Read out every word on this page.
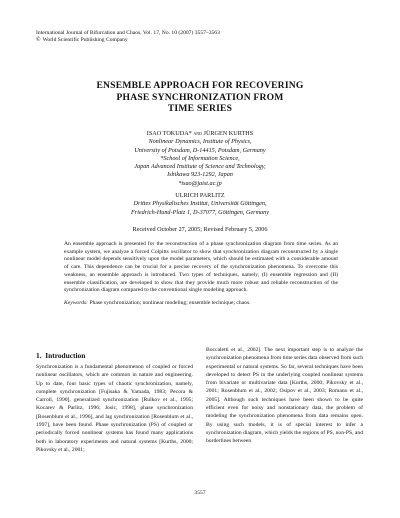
International Journal of Bifurcation and Chaos, Vol. 17, No. 10 (2007) 3557–3563
© World Scientific Publishing Company

ENSEMBLE APPROACH FOR RECOVERING
PHASE SYNCHRONIZATION FROM
TIME SERIES

ISAO TOKUDA* and JÜRGEN KURTHS
Nonlinear Dynamics, Institute of Physics,
University of Potsdam, D-14415, Potsdam, Germany
*School of Information Science,
Japan Advanced Institute of Science and Technology,
Ishikawa 923-1292, Japan
*isao@jaist.ac.jp
ULRICH PARLITZ
Drittes Physikalisches Institut, Universität Göttingen,
Friedrich-Hund-Platz 1, D-37077, Göttingen, Germany
Received October 27, 2005; Revised February 5, 2006

An ensemble approach is presented for the reconstruction of a phase synchronization diagram from time series. As an example system, we analyze a forced Colpitts oscillator to show that synchronization diagram reconstructed by a single nonlinear model depends sensitively upon the model parameters, which should be estimated with a considerable amount of care. This dependence can be crucial for a precise recovery of the synchronization phenomena. To overcome this weakness, an ensemble approach is introduced. Two types of techniques, namely, (I) ensemble regression and (II) ensemble classification, are developed to show that they provide much more robust and reliable reconstruction of the synchronization diagram compared to the conventional single modeling approach.

Keywords: Phase synchronization; nonlinear modeling; ensemble technique; chaos.

1. Introduction

Synchronization is a fundamental phenomenon of coupled or forced nonlinear oscillators, which are common in nature and engineering. Up to date, four basic types of chaotic synchronization, namely, complete synchronization [Fujisaka & Yamada, 1983; Pecora & Carroll, 1990], generalized synchronization [Rulkov et al., 1995; Kocarev & Parlitz, 1996; Josic, 1998], phase synchronization [Rosenblum et al., 1996], and lag synchronization [Rosenblum et al., 1997], have been found. Phase synchronization (PS) of coupled or periodically forced nonlinear systems has found many applications both in laboratory experiments and natural systems [Kurths, 2000; Pikovsky et al., 2001;

Boccaletti et al., 2002]. The next important step is to analyze the synchronization phenomena from time series data observed from such experimental or natural systems. So far, several techniques have been developed to detect PS in the underlying coupled nonlinear systems from bivariate or multivariate data [Kurths, 2000; Pikovsky et al., 2001; Rosenblum et al., 2002; Osipov et al., 2003; Romano et al., 2005]. Although such techniques have been shown to be quite efficient even for noisy and nonstationary data, the problem of modeling the synchronization phenomena from data remains open. By using such models, it is of special interest to infer a synchronization diagram, which yields the regions of PS, non-PS, and borderlines between

3557
